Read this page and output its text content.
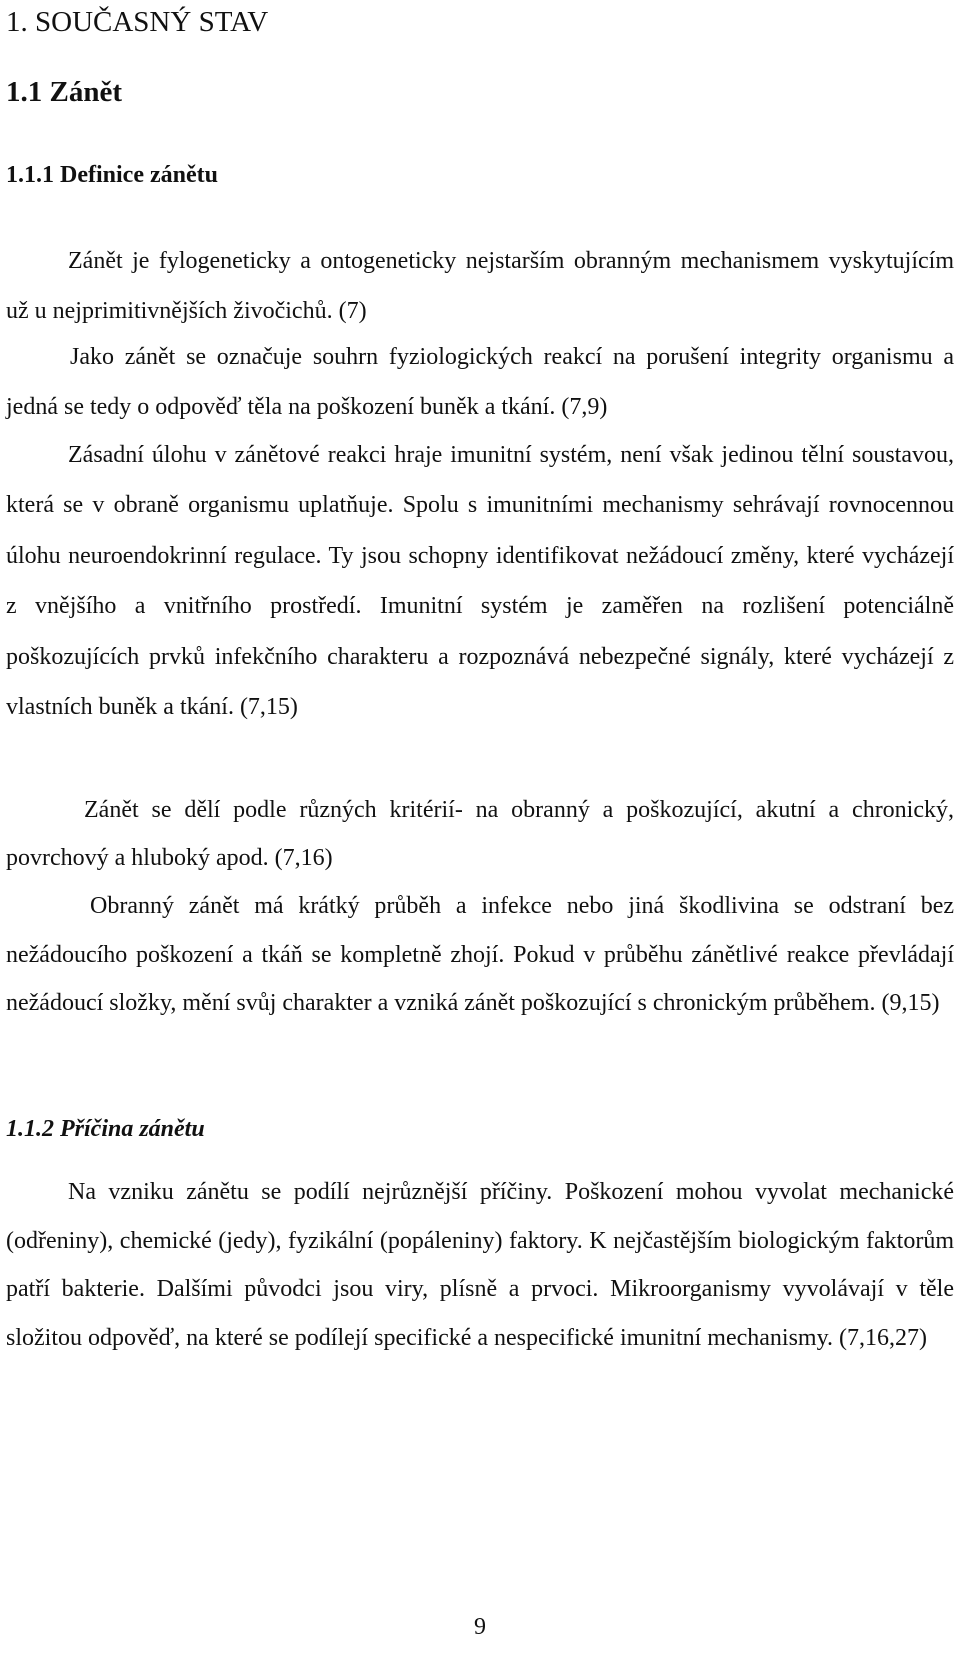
1. SOUČASNÝ STAV
1.1 Zánět
1.1.1 Definice zánětu

Zánět je fylogeneticky a ontogeneticky nejstarším obranným mechanismem vyskytujícím už u nejprimitivnějších živočichů. (7)

Jako zánět se označuje souhrn fyziologických reakcí na porušení integrity organismu a jedná se tedy o odpověď těla na poškození buněk a tkání. (7,9)

Zásadní úlohu v zánětové reakci hraje imunitní systém, není však jedinou tělní soustavou, která se v obraně organismu uplatňuje. Spolu s imunitními mechanismy sehrávají rovnocennou úlohu neuroendokrinní regulace. Ty jsou schopny identifikovat nežádoucí změny, které vycházejí z vnějšího a vnitřního prostředí. Imunitní systém je zaměřen na rozlišení potenciálně poškozujících prvků infekčního charakteru a rozpoznává nebezpečné signály, které vycházejí z vlastních buněk a tkání. (7,15)

Zánět se dělí podle různých kritérií- na obranný a poškozující, akutní a chronický, povrchový a hluboký apod. (7,16)

Obranný zánět má krátký průběh a infekce nebo jiná škodlivina se odstraní bez nežádoucího poškození a tkáň se kompletně zhojí. Pokud v průběhu zánětlivé reakce převládají nežádoucí složky, mění svůj charakter a vzniká zánět poškozující s chronickým průběhem. (9,15)

1.1.2 Příčina zánětu

Na vzniku zánětu se podílí nejrůznější příčiny. Poškození mohou vyvolat mechanické (odřeniny), chemické (jedy), fyzikální (popáleniny) faktory. K nejčastějším biologickým faktorům patří bakterie. Dalšími původci jsou viry, plísně a prvoci. Mikroorganismy vyvolávají v těle složitou odpověď, na které se podílejí specifické a nespecifické imunitní mechanismy. (7,16,27)

9
